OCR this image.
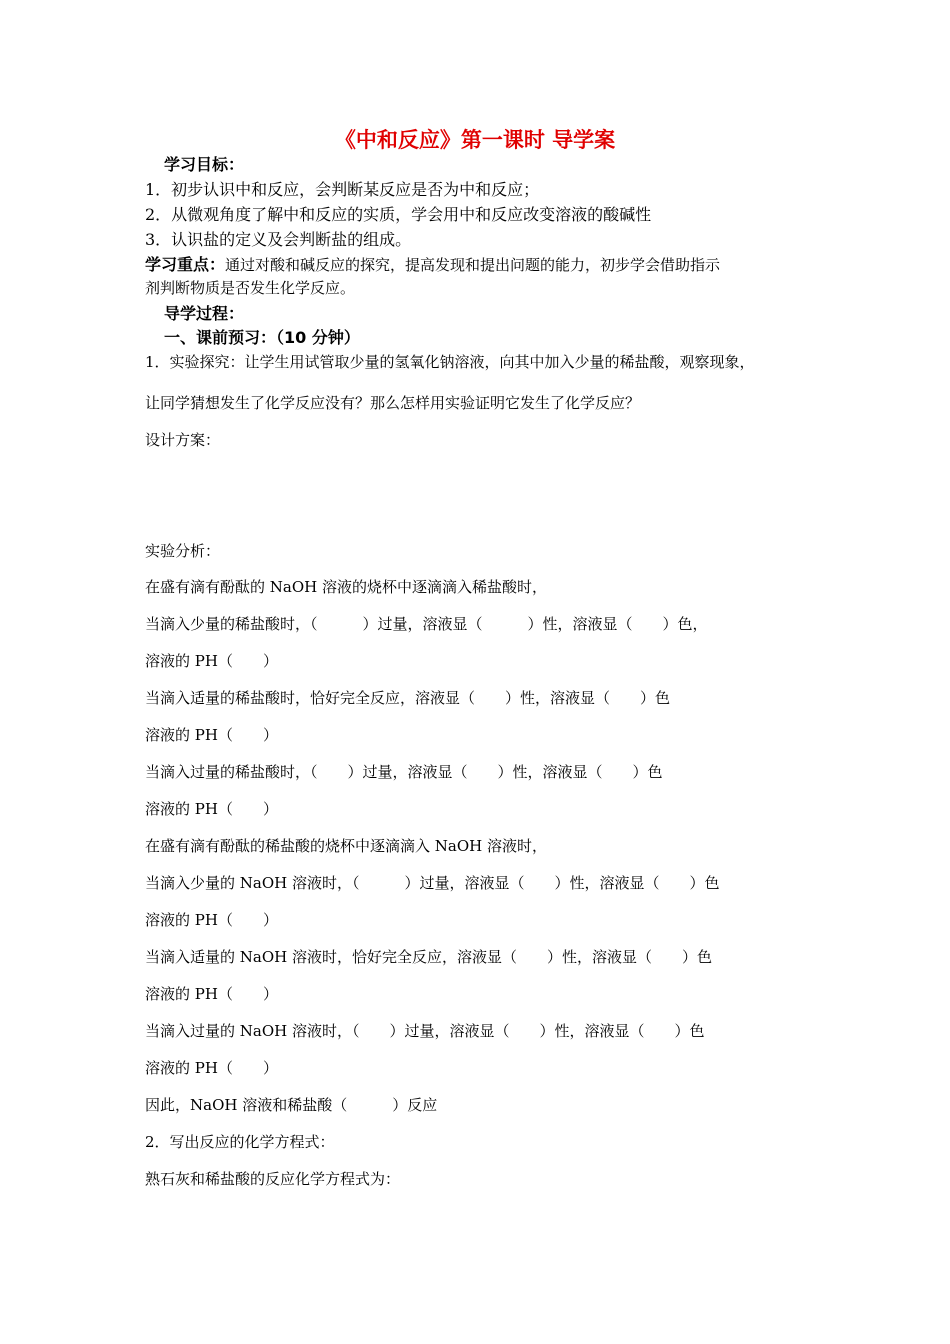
《中和反应》第一课时 导学案
学习目标：
1．初步认识中和反应，会判断某反应是否为中和反应；
2．从微观角度了解中和反应的实质，学会用中和反应改变溶液的酸碱性
3．认识盐的定义及会判断盐的组成。
学习重点：通过对酸和碱反应的探究，提高发现和提出问题的能力，初步学会借助指示
剂判断物质是否发生化学反应。
导学过程：
一、课前预习：（10 分钟）
1．实验探究：让学生用试管取少量的氢氧化钠溶液，向其中加入少量的稀盐酸，观察现象，
让同学猜想发生了化学反应没有？那么怎样用实验证明它发生了化学反应？
设计方案：
实验分析：
在盛有滴有酚酞的 NaOH 溶液的烧杯中逐滴滴入稀盐酸时，
当滴入少量的稀盐酸时，（　　　）过量，溶液显（　　　）性，溶液显（　　）色，
溶液的 PH（　　）
当滴入适量的稀盐酸时，恰好完全反应，溶液显（　　）性，溶液显（　　）色
溶液的 PH（　　）
当滴入过量的稀盐酸时，（　　）过量，溶液显（　　）性，溶液显（　　）色
溶液的 PH（　　）
在盛有滴有酚酞的稀盐酸的烧杯中逐滴滴入 NaOH 溶液时，
当滴入少量的 NaOH 溶液时，（　　　）过量，溶液显（　　）性，溶液显（　　）色
溶液的 PH（　　）
当滴入适量的 NaOH 溶液时，恰好完全反应，溶液显（　　）性，溶液显（　　）色
溶液的 PH（　　）
当滴入过量的 NaOH 溶液时，（　　）过量，溶液显（　　）性，溶液显（　　）色
溶液的 PH（　　）
因此，NaOH 溶液和稀盐酸（　　　）反应
2．写出反应的化学方程式：
熟石灰和稀盐酸的反应化学方程式为：
